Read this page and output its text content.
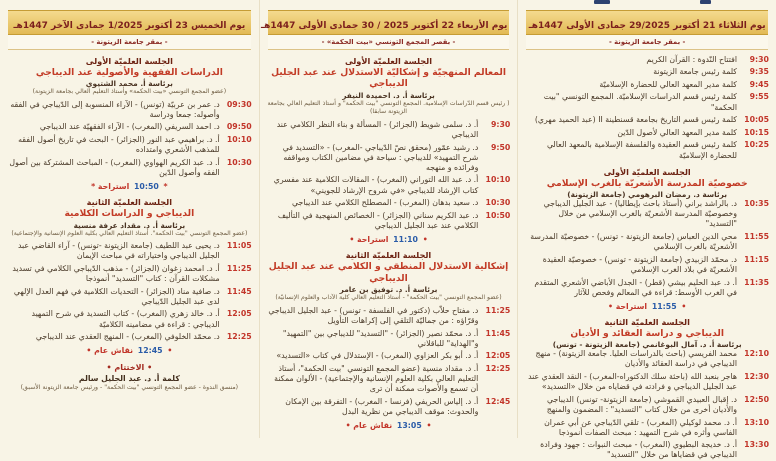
يوم الثلاثاء 21 أكتوبر 29/2025 جمادى الأولى 1447هـ
- بمقر جامعة الزيتونة -
9:30
افتتاح النّدوة : القرآن الكريم
9:35
كلمة رئيس جامعة الزيتونة
9:45
كلمة مدير المعهد العالي للحضارة الإسلاميّة
9:55
كلمة رئيس قسم الدراسات الإسلاميّة. المجمع التونسي "بيت الحكمة"
10:05
كلمة رئيس قسم التاريخ بجامعة قسنطينة II (عبد الحميد مهري)
10:15
كلمة مدير المعهد العالي لأصول الدّين
10:25
كلمة رئيس قسم العقيدة والفلسفة الإسلامية بالمعهد العالي للحضارة الإسلاميّة
الجلسة العلميّة الأولى
خصوصيّة المدرسة الأشعريّة بالغرب الإسلامي
برئاسة د. رمضان البرهومي (جامعة الزيتونة)
10:35
د. بالراشد براني (أستاذ باحث بإيطاليا) - عبد الجليل الديباجي وخصوصيّة المدرسة الأشعريّة بالغرب الإسلامي من خلال "التسديد"
11:55
محي الدين العباس (جامعة الزيتونة - تونس) - خصوصيّة المدرسة الأشعريّة بالغرب الإسلامي
11:15
د. محمّد الزبيدي (جامعة الزيتونة - تونس) - خصوصيّة العقيدة الأشعريّة في بلاد الغرب الإسلامي
11:35
أ. د. عبد الحليم بيشي (قطر) - الجدل الأباضي الأشعري المتقدم في الغرب الأوسط: قراءة في المعالم وفحص للآثار
• 11:55 استراحة •
الجلسة العلميّة الثانية
الديباجي و دراسة العقائد و الأديان
برئاسة أ. د. آمال البوغانمي (جامعة الزيتونة - تونس)
12:10
محمد الفريسي (باحث بالدراسات العليا. جامعة الزيتونة) - منهج الديباجي في دراسة العقائد والأديان
12:30
هاجر بنعبد الله (باحثة سلك الدكتوراه-المغرب) - النقد العقدي عند عبد الجليل الديباجي و فرادته في قضاياه من خلال «التسديد»
12:50
د. إقبال العبيدي القموشي (جامعة الزيتونة- تونس) الديباجي والأديان أخرى من خلال كتاب "التسديد" : المضمون والمنهج
13:10
أ. د. محمد لوكيلي (المغرب) - تلقي الدّيباجي عن أبي عمران الفاسي وأثره في شرح التمهيد : مبحث الصفات أنموذجا
13:30
أ. د. خديجة البطيوي (المغرب) - مبحث النبوات : جهود وفرادة الديباجي في قضاياها من خلال "التسديد"
يوم الأربعاء 22 أكتوبر 2025 / 30 جمادى الأولى 1447هـ
- بقصر المجمع التونسي «بيت الحكمة» -
الجلسة العلميّة الأولى
المعالم المنهجيّة و إشكاليّة الاستدلال عند عبد الجليل الديباجي
برئاسة أ. د. احميدة النيفر
( رئيس قسم الدّراسات الإسلامية. المجمع التونسي "بيت الحكمة" و أستاذ التعليم العالي بجامعة الزيتونة سابقا)
9:30
أ. د. سلمى شويط (الجزائر) - المسألة و بناء النظر الكلامي عند الديباجي
9:50
د. رشيد عمّور (محقق نصّ الدّيباجي -المغرب) - «التسديد في شرح التمهيد» للديباجي : سياحة في مضامين الكتاب ومواقفه وفرائده و منهجه
10:10
أ. د. عبد الله التوراني (المغرب) - المقالات الكلامية عند مفسري كتاب الإرشاد للديباجي «في شروح الإرشاد للجويني»
10:30
د. سعيد بدهان (المغرب) - المصطلح الكلامي عند الديباجي
10:50
د. عبد الكريم سناني (الجزائر) - الخصائص المنهجية في التأليف الكلامي عند عبد الجليل الديباجي
• 11:10 استراحة •
الجلسة العلميّة الثانية
إشكالية الاستدلال المنطقي و الكلامي عند عبد الجليل الديباجي
برئاسة أ. د. توفيق بن عامر
(عضو المجمع التونسي "بيت الحكمة" - أستاذ التعليم العالي كلية الآداب والعلوم الإنسانيّة)
11:25
د. مفتاح حلاّب (دكتور في الفلسفة - تونس) - عبد الجليل الديباجي وقرّاؤه : من جماليّة التلقي إلى إكراهات التأويل
11:45
أ. د. محمّد نصير (الجزائر) - "التسديد" للديباجي بين "التمهيد" و"الهداية" للباقلاني
12:05
أ. د. أبو بكر العزاوي (المغرب) - الإستدلال في كتاب «التسديد»
12:25
أ. د. مقداد منسية (عضو المجمع التونسي "بيت الحكمة"، أستاذ التعليم العالي بكلية العلوم الإنسانية والإجتماعية) - الألوان ممكنة أن تسمع والأصوات ممكنة أن ترى
12:45
أ. د. إلياس الحريفي (فرنسا - المغرب) - التفرقة بين الإمكان والحدوث: موقف الديباجي من نظرية البدل
• 13:05 نقاش عام •
يوم الخميس 23 أكتوبر 1/2025 جمادى الآخر 1447هـ
- بمقر جامعة الزيتونة -
الجلسة العلميّة الأولى
الدراسات الفقهية والأصولية عند الديباجي
برئاسة أ. محمد الشتيوي
(عضو المجمع التونسي «بيت الحكمة» وأستاذ التعليم العالي بجامعة الزيتونة)
09:30
د. عمر بن عربيّة (تونس) - الآراء المنسوبة إلى الدّيباجي في الفقه وأصوله: جمعا ودراسة
09:50
د. احمد السريفي (المغرب) - الآراء الفقهيّة عند الديباجي
10:10
أ. د. براهيمي عبد النور (الجزائر) - البحث في تاريخ أصول الفقه للمذهب الأشعري وامتداده
10:30
أ. د. عبد الكريم الهواوي (المغرب) - المباحث المشتركة بين أصول الفقه وأصول الدّين
* 10:50 استراحة *
الجلسة العلميّة الثانية
الديباجي و الدراسات الكلامية
برئاسة أ. د. مقداد عرفة منسية
(عضو المجمع التونسي "بيت الحكمة". أستاذ التعليم العالي بكلية العلوم الإنسانية والإجتماعية)
11:05
د. يحيى عبد اللطيف (جامعة الزيتونة -تونس) - آراء القاضي عبد الجليل الديباجي واختياراته في مباحث الإيمان
11:25
أ. د. امحمد زغوان (الجزائر) - مذهب الدّيباجي الكلامي في تسديد مشكلات القرآن : كتاب "التسديد" أنموذجا
11:45
د. صافية مناد (الجزائر) - التحديات الكلامية في فهم العدل الإلهي لدى عبد الجليل الدّيباجي
12:05
أ. د. خالد زهري (المغرب) - كتاب التسديد في شرح التمهيد الديباجي : قراءة في مضامينه الكلاميّة
12:25
د. محمّد الخلوفي (المغرب) - المنهج العقدي عند الديباجي
• 12:45 نقاش عام •
• الاختتام •
كلمة أ. د. عبد الجليل سالم
(منسق الندوة - عضو المجمع التونسي "بيت الحكمة" - ورئيس جامعة الزيتونة الأسبق)
